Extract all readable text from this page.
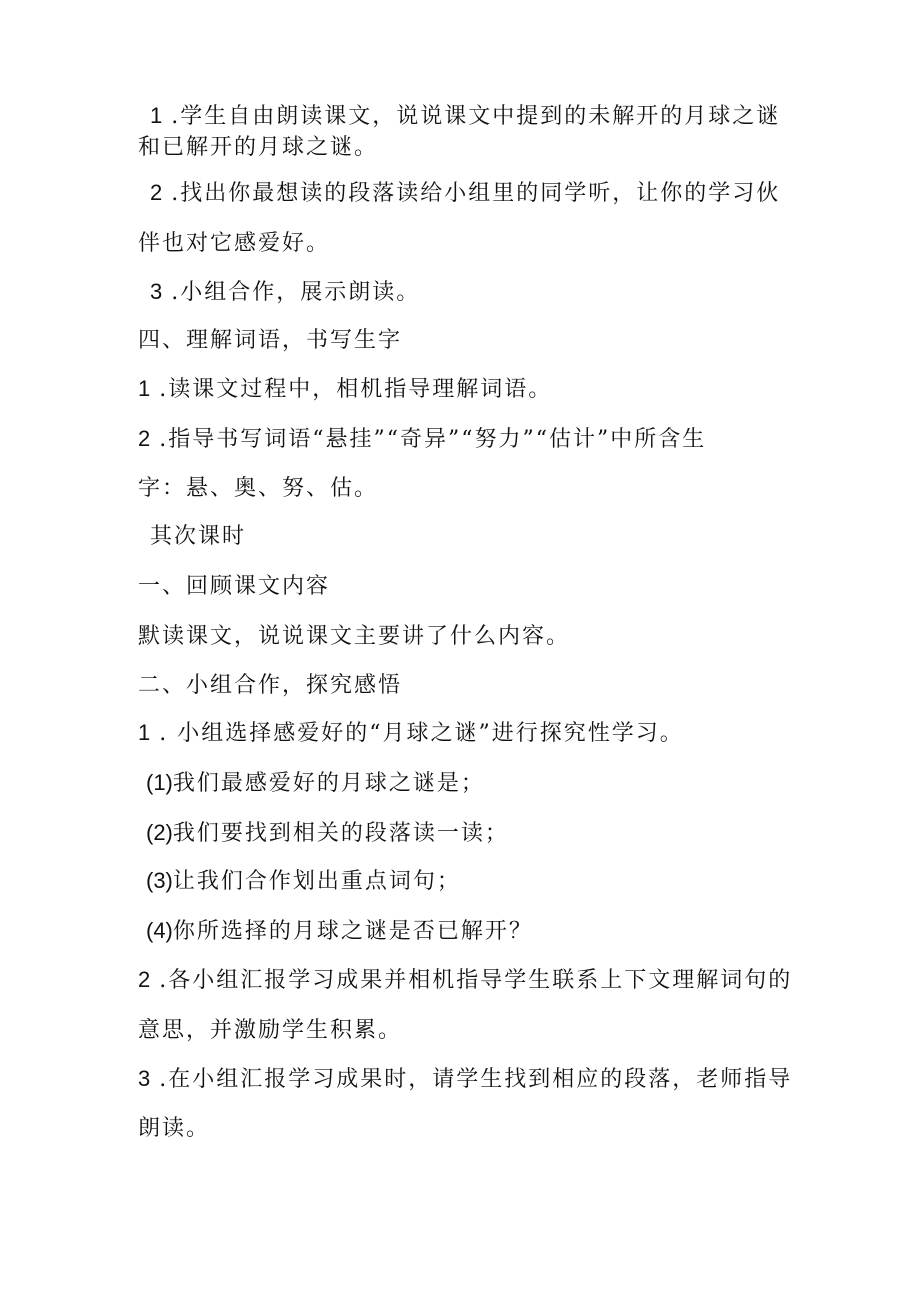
1 .学生自由朗读课文，说说课文中提到的未解开的月球之谜
和已解开的月球之谜。
2 .找出你最想读的段落读给小组里的同学听，让你的学习伙
伴也对它感爱好。
3 .小组合作，展示朗读。
四、理解词语，书写生字
1 .读课文过程中，相机指导理解词语。
2 .指导书写词语“悬挂”“奇异”“努力”“估计”中所含生
字：悬、奥、努、估。
其次课时
一、回顾课文内容
默读课文，说说课文主要讲了什么内容。
二、小组合作，探究感悟
1 . 小组选择感爱好的“月球之谜”进行探究性学习。
(1)我们最感爱好的月球之谜是；
(2)我们要找到相关的段落读一读；
(3)让我们合作划出重点词句；
(4)你所选择的月球之谜是否已解开？
2 .各小组汇报学习成果并相机指导学生联系上下文理解词句的
意思，并激励学生积累。
3 .在小组汇报学习成果时，请学生找到相应的段落，老师指导
朗读。
